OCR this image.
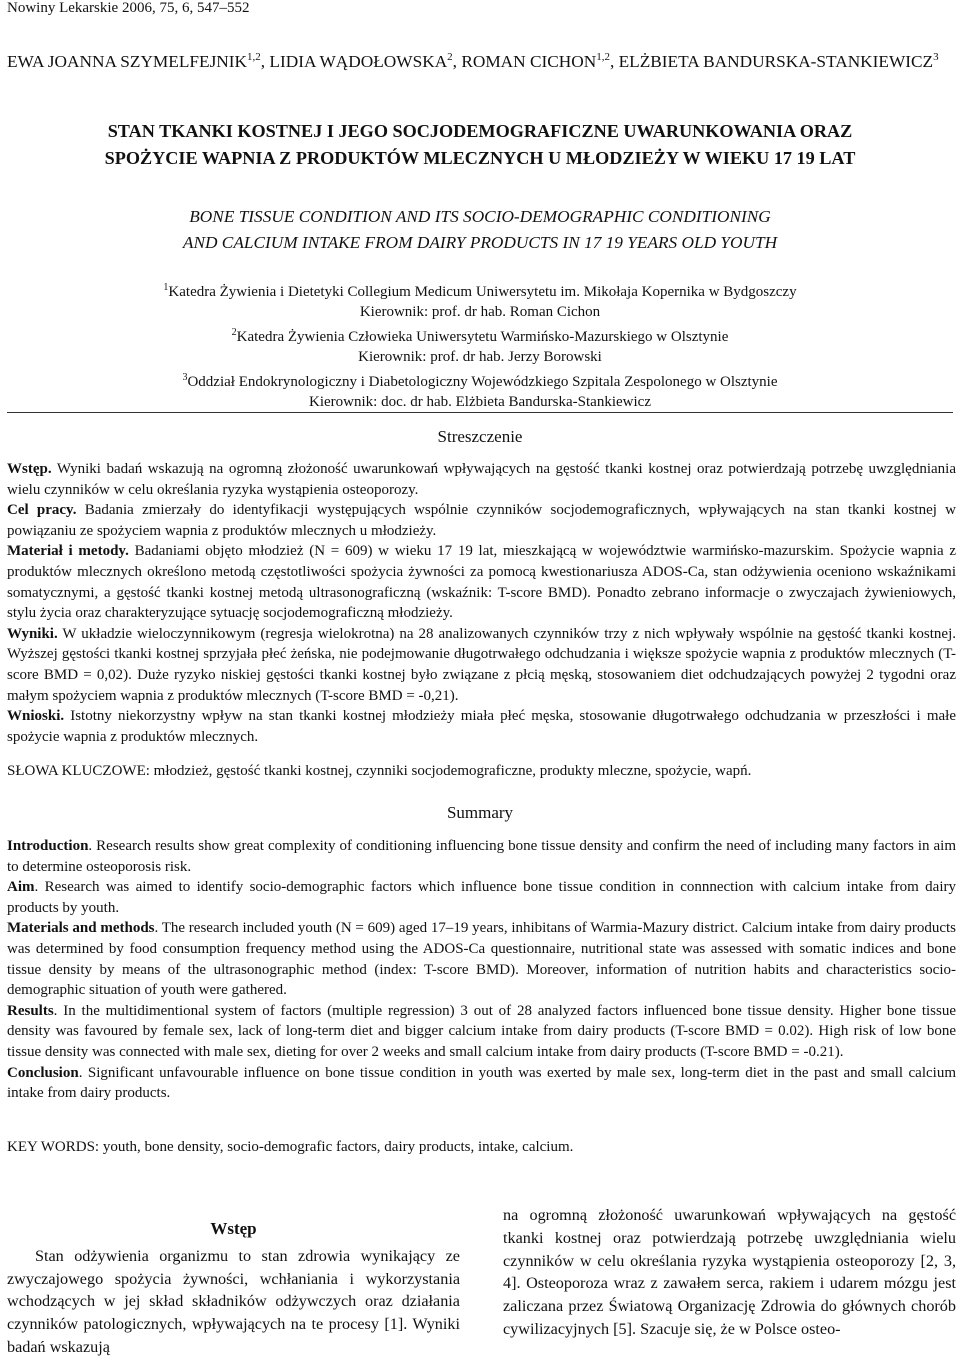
Nowiny Lekarskie 2006, 75, 6, 547–552
EWA JOANNA SZYMELFEJNIK$^{1,2}$, LIDIA WĄDOŁOWSKA$^2$, ROMAN CICHON$^{1,2}$, ELŻBIETA BANDURSKA-STANKIEWICZ$^3$
STAN TKANKI KOSTNEJ I JEGO SOCJODEMOGRAFICZNE UWARUNKOWANIA ORAZ
SPOŻYCIE WAPNIA Z PRODUKTÓW MLECZNYCH U MŁODZIEŻY W WIEKU 17 19 LAT
BONE TISSUE CONDITION AND ITS SOCIO-DEMOGRAPHIC CONDITIONING
AND CALCIUM INTAKE FROM DAIRY PRODUCTS IN 17 19 YEARS OLD YOUTH
$^1$Katedra Żywienia i Dietetyki Collegium Medicum Uniwersytetu im. Mikołaja Kopernika w Bydgoszczy
Kierownik: prof. dr hab. Roman Cichon
$^2$Katedra Żywienia Człowieka Uniwersytetu Warmińsko-Mazurskiego w Olsztynie
Kierownik: prof. dr hab. Jerzy Borowski
$^3$Oddział Endokrynologiczny i Diabetologiczny Wojewódzkiego Szpitala Zespolonego w Olsztynie
Kierownik: doc. dr hab. Elżbieta Bandurska-Stankiewicz
Streszczenie

Wstęp. Wyniki badań wskazują na ogromną złożoność uwarunkowań wpływających na gęstość tkanki kostnej oraz potwierdzają potrzebę uwzględniania wielu czynników w celu określania ryzyka wystąpienia osteoporozy.

Cel pracy. Badania zmierzały do identyfikacji występujących wspólnie czynników socjodemograficznych, wpływających na stan tkanki kostnej w powiązaniu ze spożyciem wapnia z produktów mlecznych u młodzieży.

Materiał i metody. Badaniami objęto młodzież (N = 609) w wieku 17 19 lat, mieszkającą w województwie warmińsko-mazurskim. Spożycie wapnia z produktów mlecznych określono metodą częstotliwości spożycia żywności za pomocą kwestionariusza ADOS-Ca, stan odżywienia oceniono wskaźnikami somatycznymi, a gęstość tkanki kostnej metodą ultrasonograficzną (wskaźnik: T-score BMD). Ponadto zebrano informacje o zwyczajach żywieniowych, stylu życia oraz charakteryzujące sytuację socjodemograficzną młodzieży.

Wyniki. W układzie wieloczynnikowym (regresja wielokrotna) na 28 analizowanych czynników trzy z nich wpływały wspólnie na gęstość tkanki kostnej. Wyższej gęstości tkanki kostnej sprzyjała płeć żeńska, nie podejmowanie długotrwałego odchudzania i większe spożycie wapnia z produktów mlecznych (T-score BMD = 0,02). Duże ryzyko niskiej gęstości tkanki kostnej było związane z płcią męską, stosowaniem diet odchudzających powyżej 2 tygodni oraz małym spożyciem wapnia z produktów mlecznych (T-score BMD = -0,21).

Wnioski. Istotny niekorzystny wpływ na stan tkanki kostnej młodzieży miała płeć męska, stosowanie długotrwałego odchudzania w przeszłości i małe spożycie wapnia z produktów mlecznych.

SŁOWA KLUCZOWE: młodzież, gęstość tkanki kostnej, czynniki socjodemograficzne, produkty mleczne, spożycie, wapń.
Summary

Introduction. Research results show great complexity of conditioning influencing bone tissue density and confirm the need of including many factors in aim to determine osteoporosis risk.

Aim. Research was aimed to identify socio-demographic factors which influence bone tissue condition in connnection with calcium intake from dairy products by youth.

Materials and methods. The research included youth (N = 609) aged 17–19 years, inhibitans of Warmia-Mazury district. Calcium intake from dairy products was determined by food consumption frequency method using the ADOS-Ca questionnaire, nutritional state was assessed with somatic indices and bone tissue density by means of the ultrasonographic method (index: T-score BMD). Moreover, information of nutrition habits and characteristics socio-demographic situation of youth were gathered.

Results. In the multidimentional system of factors (multiple regression) 3 out of 28 analyzed factors influenced bone tissue density. Higher bone tissue density was favoured by female sex, lack of long-term diet and bigger calcium intake from dairy products (T-score BMD = 0.02). High risk of low bone tissue density was connected with male sex, dieting for over 2 weeks and small calcium intake from dairy products (T-score BMD = -0.21).

Conclusion. Significant unfavourable influence on bone tissue condition in youth was exerted by male sex, long-term diet in the past and small calcium intake from dairy products.

KEY WORDS: youth, bone density, socio-demografic factors, dairy products, intake, calcium.
Wstęp

Stan odżywienia organizmu to stan zdrowia wynikający ze zwyczajowego spożycia żywności, wchłaniania i wykorzystania wchodzących w jej skład składników odżywczych oraz działania czynników patologicznych, wpływających na te procesy [1]. Wyniki badań wskazują

na ogromną złożoność uwarunkowań wpływających na gęstość tkanki kostnej oraz potwierdzają potrzebę uwzględniania wielu czynników w celu określania ryzyka wystąpienia osteoporozy [2, 3, 4]. Osteoporoza wraz z zawałem serca, rakiem i udarem mózgu jest zaliczana przez Światową Organizację Zdrowia do głównych chorób cywilizacyjnych [5]. Szacuje się, że w Polsce osteo-
